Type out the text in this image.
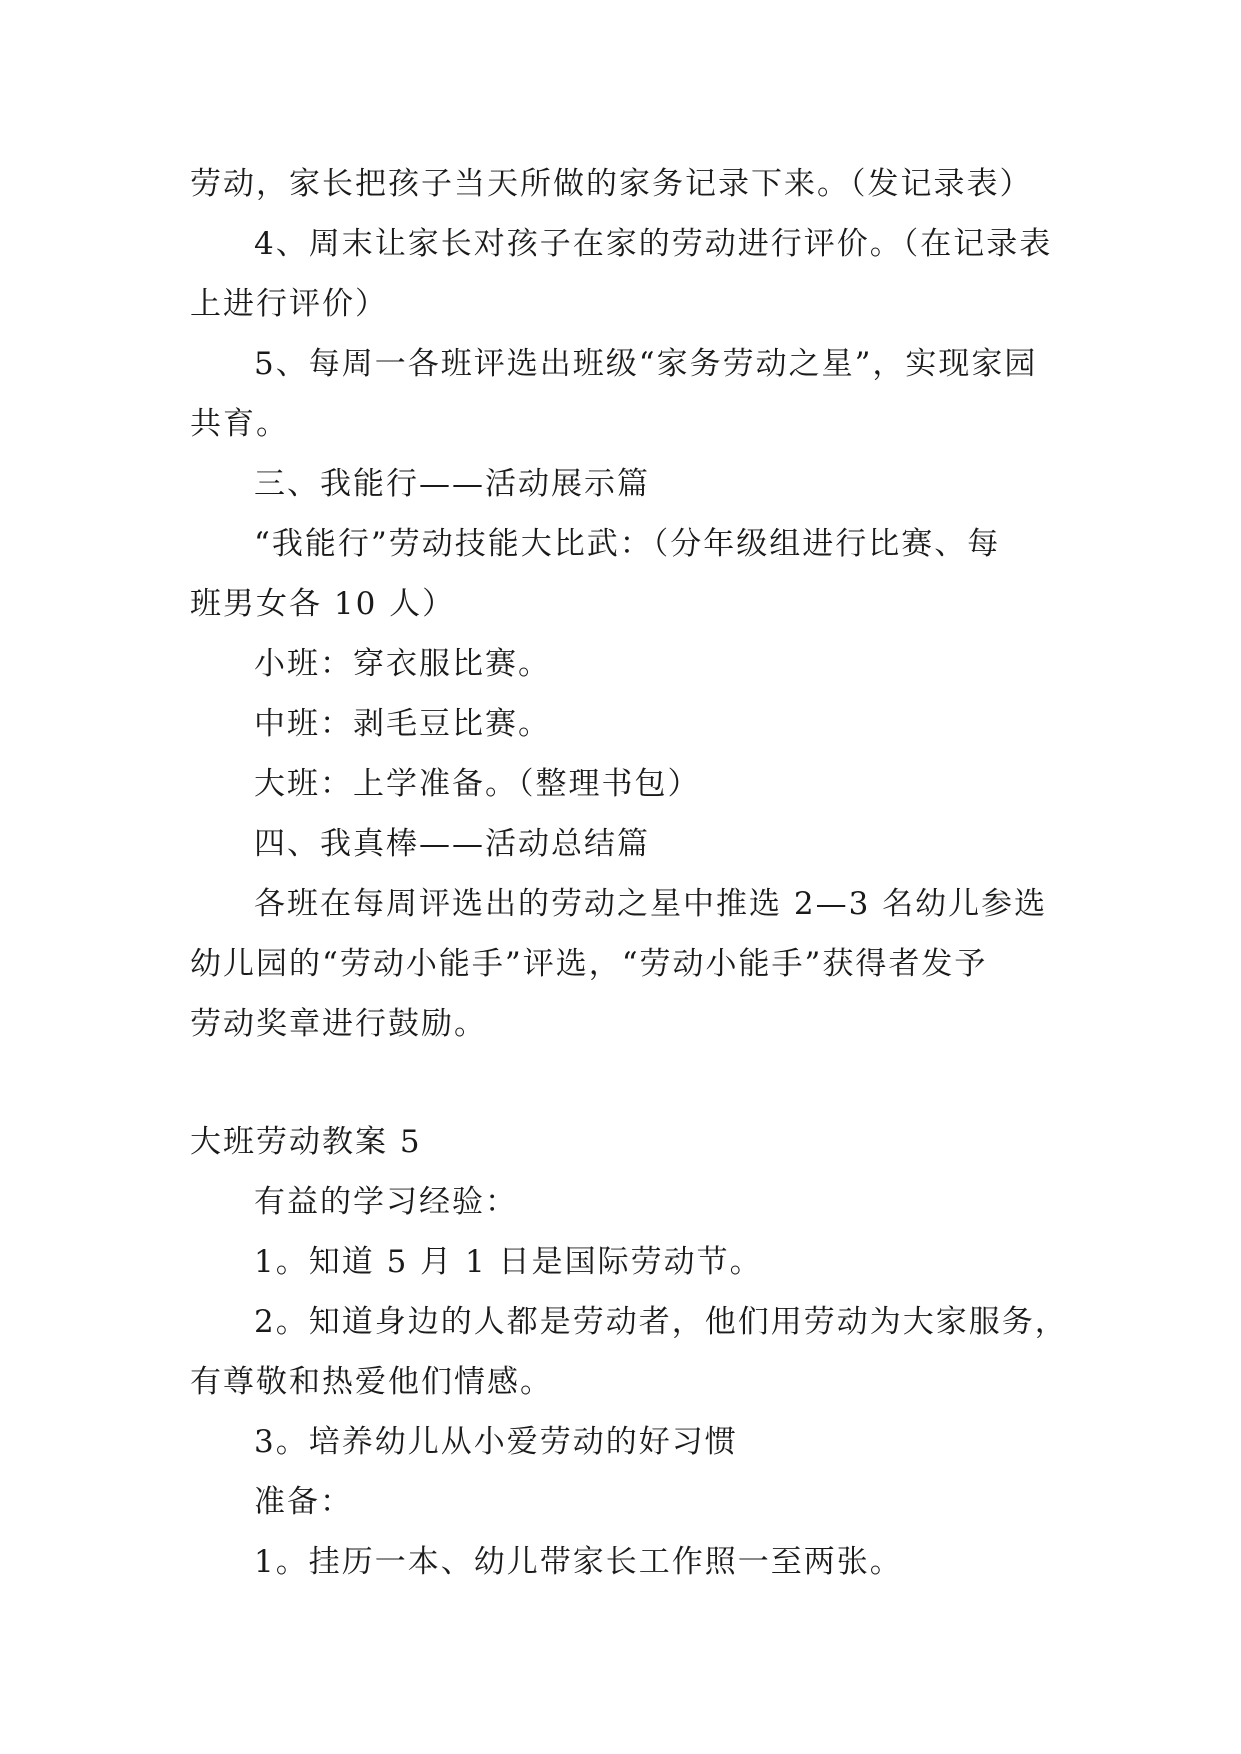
劳动，家长把孩子当天所做的家务记录下来。（发记录表）
4、周末让家长对孩子在家的劳动进行评价。（在记录表
上进行评价）
5、每周一各班评选出班级“家务劳动之星”，实现家园
共育。
三、我能行——活动展示篇
“我能行”劳动技能大比武：（分年级组进行比赛、每
班男女各 10 人）
小班：穿衣服比赛。
中班：剥毛豆比赛。
大班：上学准备。（整理书包）
四、我真棒——活动总结篇
各班在每周评选出的劳动之星中推选 2—3 名幼儿参选
幼儿园的“劳动小能手”评选，“劳动小能手”获得者发予
劳动奖章进行鼓励。
大班劳动教案 5
有益的学习经验：
1。知道 5 月 1 日是国际劳动节。
2。知道身边的人都是劳动者，他们用劳动为大家服务，
有尊敬和热爱他们情感。
3。培养幼儿从小爱劳动的好习惯
准备：
1。挂历一本、幼儿带家长工作照一至两张。
